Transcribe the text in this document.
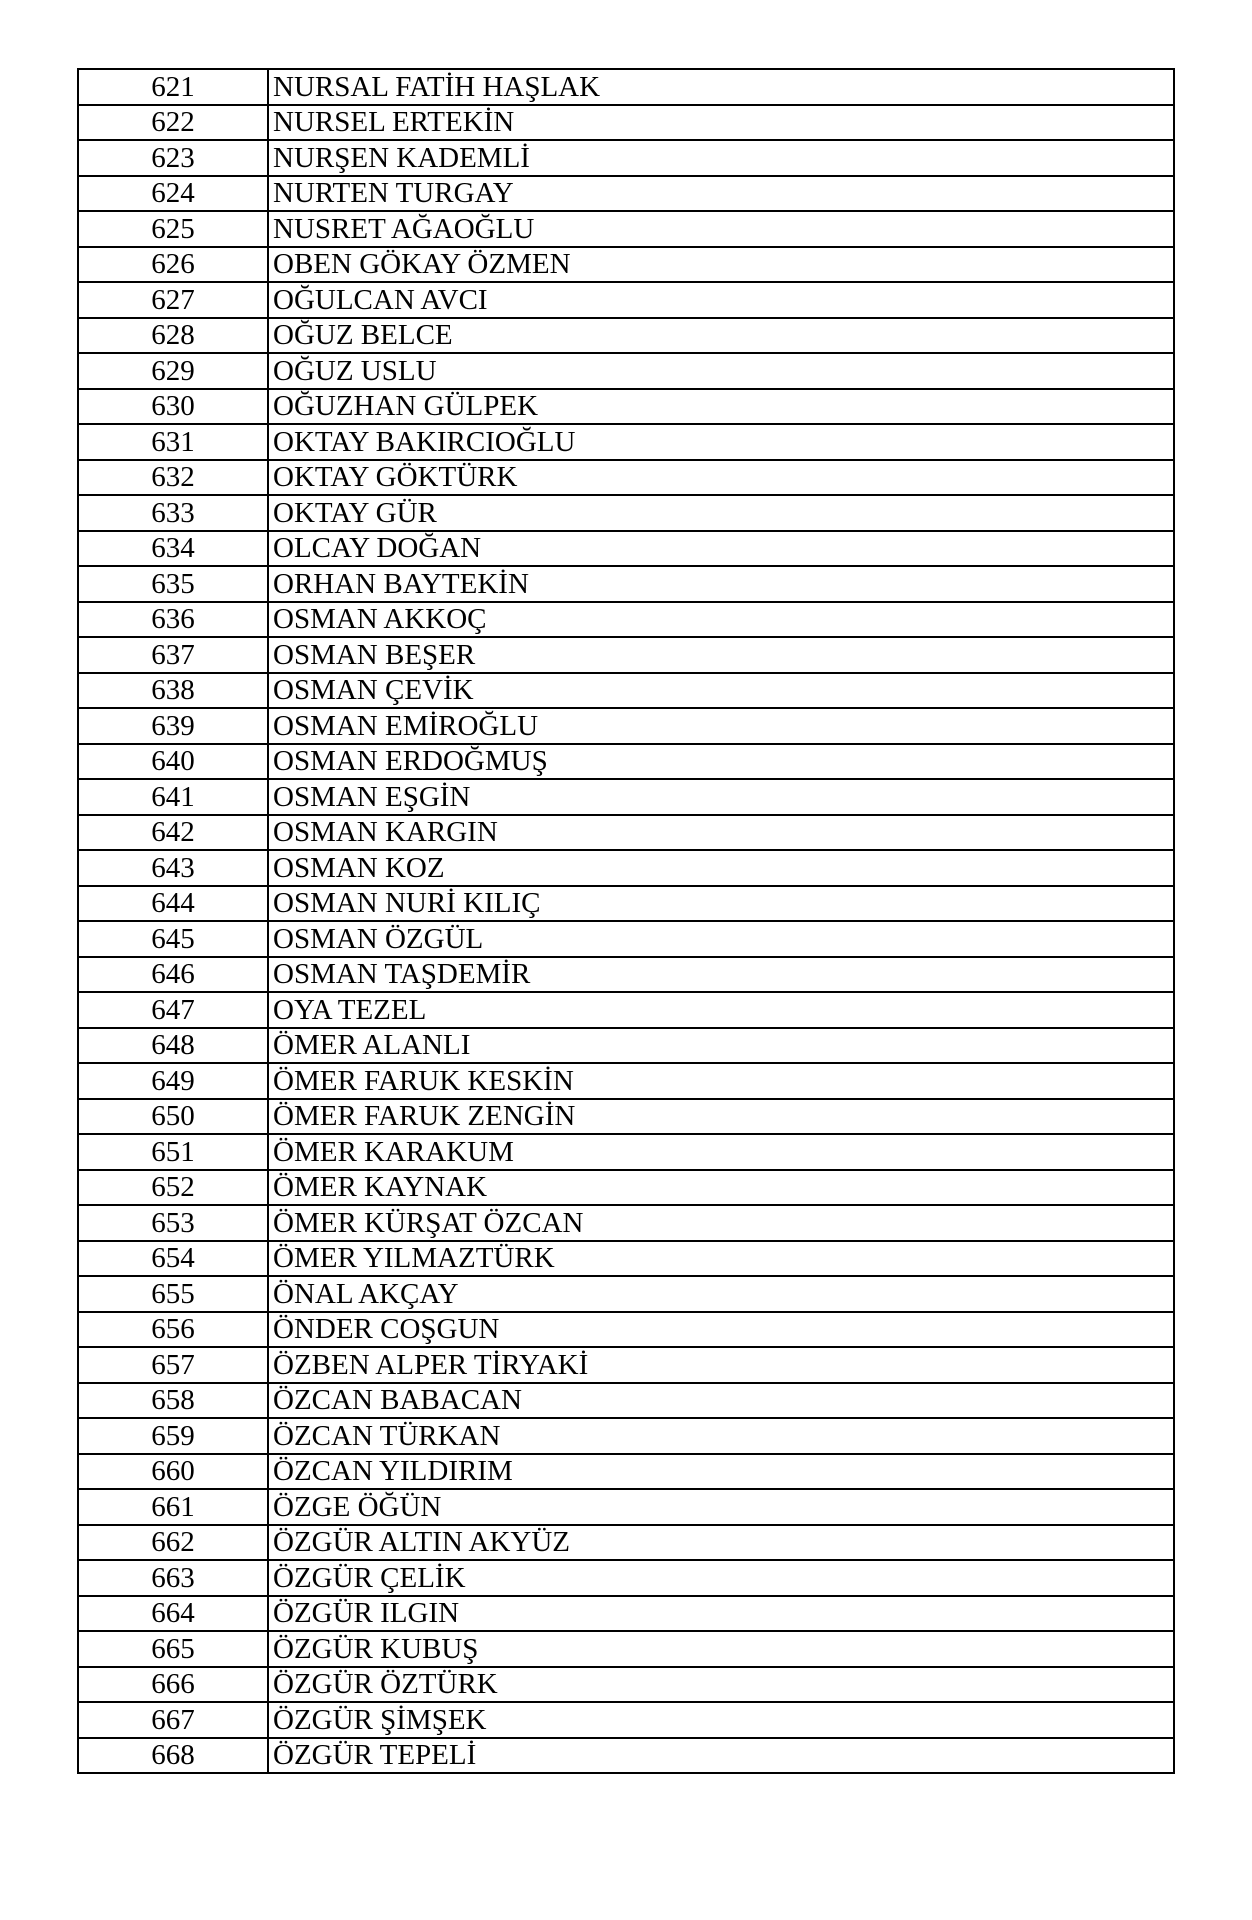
621	NURSAL FATİH HAŞLAK
622	NURSEL ERTEKİN
623	NURŞEN KADEMLİ
624	NURTEN TURGAY
625	NUSRET AĞAOĞLU
626	OBEN GÖKAY ÖZMEN
627	OĞULCAN AVCI
628	OĞUZ BELCE
629	OĞUZ USLU
630	OĞUZHAN GÜLPEK
631	OKTAY BAKIRCIOĞLU
632	OKTAY GÖKTÜRK
633	OKTAY GÜR
634	OLCAY DOĞAN
635	ORHAN BAYTEKİN
636	OSMAN AKKOÇ
637	OSMAN BEŞER
638	OSMAN ÇEVİK
639	OSMAN EMİROĞLU
640	OSMAN ERDOĞMUŞ
641	OSMAN EŞGİN
642	OSMAN KARGIN
643	OSMAN KOZ
644	OSMAN NURİ KILIÇ
645	OSMAN ÖZGÜL
646	OSMAN TAŞDEMİR
647	OYA TEZEL
648	ÖMER ALANLI
649	ÖMER FARUK KESKİN
650	ÖMER FARUK ZENGİN
651	ÖMER KARAKUM
652	ÖMER KAYNAK
653	ÖMER KÜRŞAT ÖZCAN
654	ÖMER YILMAZTÜRK
655	ÖNAL AKÇAY
656	ÖNDER COŞGUN
657	ÖZBEN ALPER TİRYAKİ
658	ÖZCAN BABACAN
659	ÖZCAN TÜRKAN
660	ÖZCAN YILDIRIM
661	ÖZGE ÖĞÜN
662	ÖZGÜR ALTIN AKYÜZ
663	ÖZGÜR ÇELİK
664	ÖZGÜR ILGIN
665	ÖZGÜR KUBUŞ
666	ÖZGÜR ÖZTÜRK
667	ÖZGÜR ŞİMŞEK
668	ÖZGÜR TEPELİ
